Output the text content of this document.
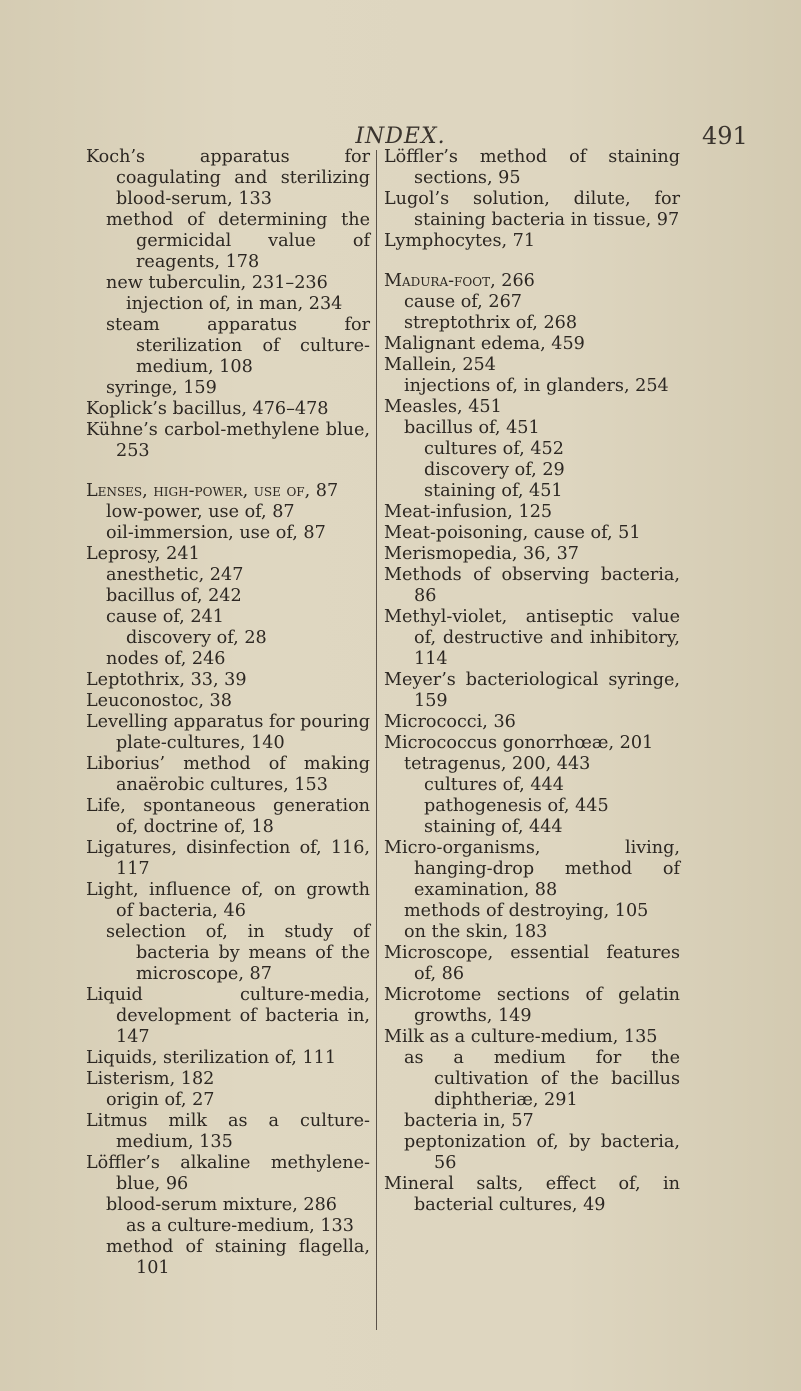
INDEX.	491
Koch’s apparatus for coagulating and sterilizing blood-serum, 133
method of determining the germicidal value of reagents, 178
new tuberculin, 231–236
injection of, in man, 234
steam apparatus for sterilization of culture-medium, 108
syringe, 159
Koplick’s bacillus, 476–478
Kühne’s carbol-methylene blue, 253
Lenses, high-power, use of, 87
low-power, use of, 87
oil-immersion, use of, 87
Leprosy, 241
anesthetic, 247
bacillus of, 242
cause of, 241
discovery of, 28
nodes of, 246
Leptothrix, 33, 39
Leuconostoc, 38
Levelling apparatus for pouring plate-cultures, 140
Liborius’ method of making anaërobic cultures, 153
Life, spontaneous generation of, doctrine of, 18
Ligatures, disinfection of, 116, 117
Light, influence of, on growth of bacteria, 46
selection of, in study of bacteria by means of the microscope, 87
Liquid culture-media, development of bacteria in, 147
Liquids, sterilization of, 111
Listerism, 182
origin of, 27
Litmus milk as a culture-medium, 135
Löffler’s alkaline methylene-blue, 96
blood-serum mixture, 286
as a culture-medium, 133
method of staining flagella, 101
Löffler’s method of staining sections, 95
Lugol’s solution, dilute, for staining bacteria in tissue, 97
Lymphocytes, 71
Madura-foot, 266
cause of, 267
streptothrix of, 268
Malignant edema, 459
Mallein, 254
injections of, in glanders, 254
Measles, 451
bacillus of, 451
cultures of, 452
discovery of, 29
staining of, 451
Meat-infusion, 125
Meat-poisoning, cause of, 51
Merismopedia, 36, 37
Methods of observing bacteria, 86
Methyl-violet, antiseptic value of, destructive and inhibitory, 114
Meyer’s bacteriological syringe, 159
Micrococci, 36
Micrococcus gonorrhœæ, 201
tetragenus, 200, 443
cultures of, 444
pathogenesis of, 445
staining of, 444
Micro-organisms, living, hanging-drop method of examination, 88
methods of destroying, 105
on the skin, 183
Microscope, essential features of, 86
Microtome sections of gelatin growths, 149
Milk as a culture-medium, 135
as a medium for the cultivation of the bacillus diphtheriæ, 291
bacteria in, 57
peptonization of, by bacteria, 56
Mineral salts, effect of, in bacterial cultures, 49
